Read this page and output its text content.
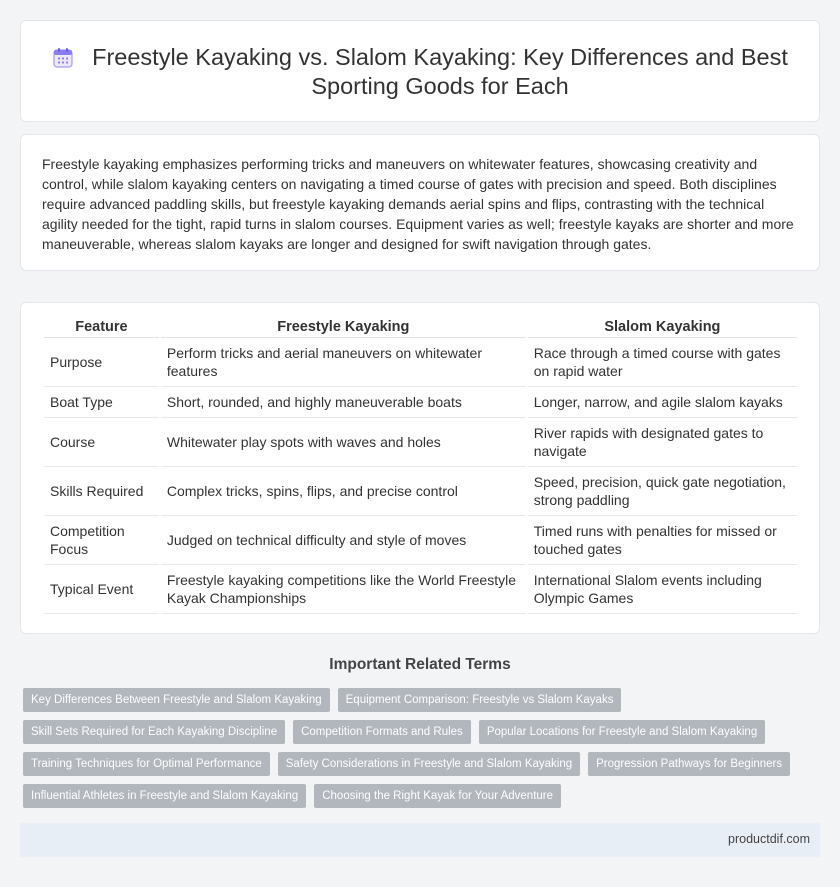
Freestyle Kayaking vs. Slalom Kayaking: Key Differences and Best Sporting Goods for Each

Freestyle kayaking emphasizes performing tricks and maneuvers on whitewater features, showcasing creativity and control, while slalom kayaking centers on navigating a timed course of gates with precision and speed. Both disciplines require advanced paddling skills, but freestyle kayaking demands aerial spins and flips, contrasting with the technical agility needed for the tight, rapid turns in slalom courses. Equipment varies as well; freestyle kayaks are shorter and more maneuverable, whereas slalom kayaks are longer and designed for swift navigation through gates.

Feature	Freestyle Kayaking	Slalom Kayaking
Purpose	Perform tricks and aerial maneuvers on whitewater features	Race through a timed course with gates on rapid water
Boat Type	Short, rounded, and highly maneuverable boats	Longer, narrow, and agile slalom kayaks
Course	Whitewater play spots with waves and holes	River rapids with designated gates to navigate
Skills Required	Complex tricks, spins, flips, and precise control	Speed, precision, quick gate negotiation, strong paddling
Competition Focus	Judged on technical difficulty and style of moves	Timed runs with penalties for missed or touched gates
Typical Event	Freestyle kayaking competitions like the World Freestyle Kayak Championships	International Slalom events including Olympic Games
Important Related Terms
Key Differences Between Freestyle and Slalom Kayaking	Equipment Comparison: Freestyle vs Slalom Kayaks
Skill Sets Required for Each Kayaking Discipline	Competition Formats and Rules	Popular Locations for Freestyle and Slalom Kayaking
Training Techniques for Optimal Performance	Safety Considerations in Freestyle and Slalom Kayaking	Progression Pathways for Beginners
Influential Athletes in Freestyle and Slalom Kayaking	Choosing the Right Kayak for Your Adventure
productdif.com
